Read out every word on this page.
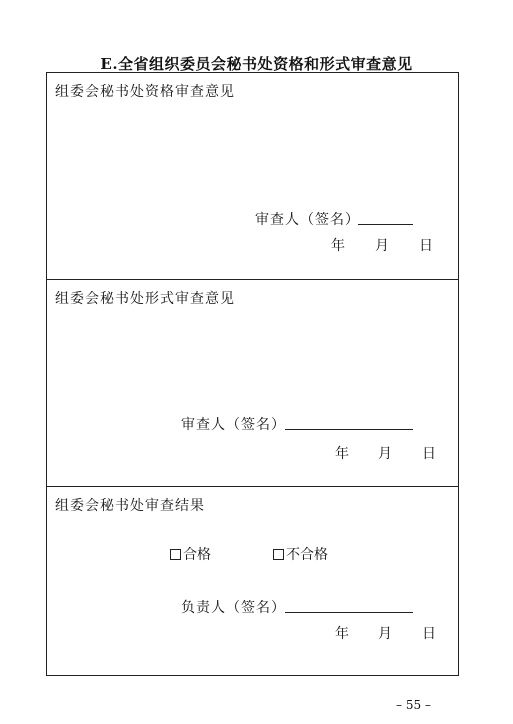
E.全省组织委员会秘书处资格和形式审查意见
组委会秘书处资格审查意见
审查人（签名）
年 月 日
组委会秘书处形式审查意见
审查人（签名）
年 月 日
组委会秘书处审查结果
合格	不合格
负责人（签名）
年 月 日
– 55 –
